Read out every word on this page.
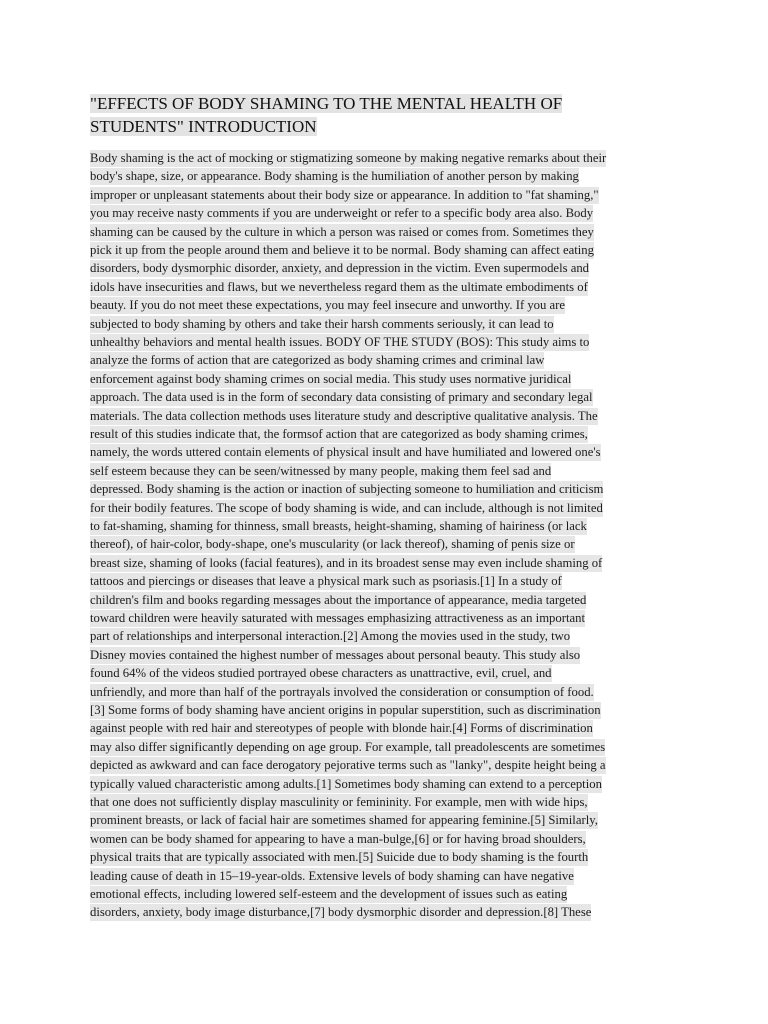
"EFFECTS OF BODY SHAMING TO THE MENTAL HEALTH OF
STUDENTS" INTRODUCTION
Body shaming is the act of mocking or stigmatizing someone by making negative remarks about their
body's shape, size, or appearance. Body shaming is the humiliation of another person by making
improper or unpleasant statements about their body size or appearance. In addition to "fat shaming,"
you may receive nasty comments if you are underweight or refer to a specific body area also. Body
shaming can be caused by the culture in which a person was raised or comes from. Sometimes they
pick it up from the people around them and believe it to be normal. Body shaming can affect eating
disorders, body dysmorphic disorder, anxiety, and depression in the victim. Even supermodels and
idols have insecurities and flaws, but we nevertheless regard them as the ultimate embodiments of
beauty. If you do not meet these expectations, you may feel insecure and unworthy. If you are
subjected to body shaming by others and take their harsh comments seriously, it can lead to
unhealthy behaviors and mental health issues. BODY OF THE STUDY (BOS): This study aims to
analyze the forms of action that are categorized as body shaming crimes and criminal law
enforcement against body shaming crimes on social media. This study uses normative juridical
approach. The data used is in the form of secondary data consisting of primary and secondary legal
materials. The data collection methods uses literature study and descriptive qualitative analysis. The
result of this studies indicate that, the formsof action that are categorized as body shaming crimes,
namely, the words uttered contain elements of physical insult and have humiliated and lowered one's
self esteem because they can be seen/witnessed by many people, making them feel sad and
depressed. Body shaming is the action or inaction of subjecting someone to humiliation and criticism
for their bodily features. The scope of body shaming is wide, and can include, although is not limited
to fat-shaming, shaming for thinness, small breasts, height-shaming, shaming of hairiness (or lack
thereof), of hair-color, body-shape, one's muscularity (or lack thereof), shaming of penis size or
breast size, shaming of looks (facial features), and in its broadest sense may even include shaming of
tattoos and piercings or diseases that leave a physical mark such as psoriasis.[1] In a study of
children's film and books regarding messages about the importance of appearance, media targeted
toward children were heavily saturated with messages emphasizing attractiveness as an important
part of relationships and interpersonal interaction.[2] Among the movies used in the study, two
Disney movies contained the highest number of messages about personal beauty. This study also
found 64% of the videos studied portrayed obese characters as unattractive, evil, cruel, and
unfriendly, and more than half of the portrayals involved the consideration or consumption of food.
[3] Some forms of body shaming have ancient origins in popular superstition, such as discrimination
against people with red hair and stereotypes of people with blonde hair.[4] Forms of discrimination
may also differ significantly depending on age group. For example, tall preadolescents are sometimes
depicted as awkward and can face derogatory pejorative terms such as "lanky", despite height being a
typically valued characteristic among adults.[1] Sometimes body shaming can extend to a perception
that one does not sufficiently display masculinity or femininity. For example, men with wide hips,
prominent breasts, or lack of facial hair are sometimes shamed for appearing feminine.[5] Similarly,
women can be body shamed for appearing to have a man-bulge,[6] or for having broad shoulders,
physical traits that are typically associated with men.[5] Suicide due to body shaming is the fourth
leading cause of death in 15–19-year-olds. Extensive levels of body shaming can have negative
emotional effects, including lowered self-esteem and the development of issues such as eating
disorders, anxiety, body image disturbance,[7] body dysmorphic disorder and depression.[8] These
